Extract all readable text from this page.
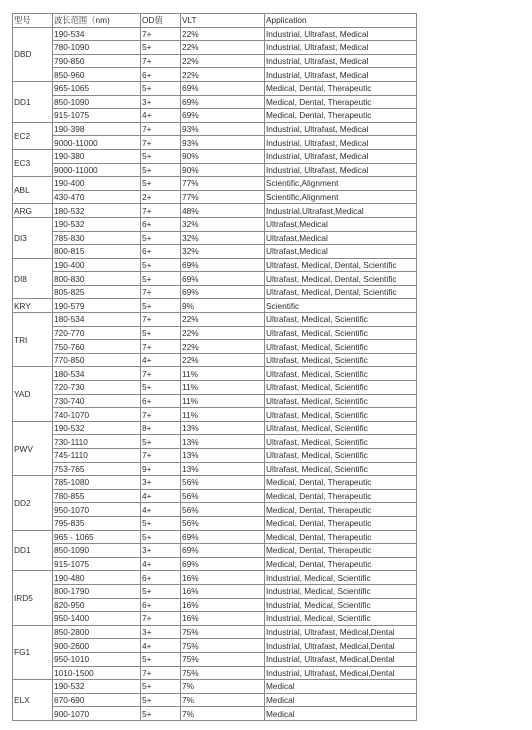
型号	波长范围（nm)	OD值	VLT	Application
DBD	190-534	7+	22%	Industrial, Ultrafast, Medical
	780-1090	5+	22%	Industrial, Ultrafast, Medical
	790-850	7+	22%	Industrial, Ultrafast, Medical
	850-960	6+	22%	Industrial, Ultrafast, Medical
DD1	965-1065	5+	69%	Medical, Dental, Therapeutic
	850-1090	3+	69%	Medical, Dental, Therapeutic
	915-1075	4+	69%	Medical, Dental, Therapeutic
EC2	190-398	7+	93%	Industrial, Ultrafast, Medical
	9000-11000	7+	93%	Industrial, Ultrafast, Medical
EC3	190-380	5+	90%	Industrial, Ultrafast, Medical
	9000-11000	5+	90%	Industrial, Ultrafast, Medical
ABL	190-400	5+	77%	Scientific,Alignment
	430-470	2+	77%	Scientific,Alignment
ARG	180-532	7+	48%	Industrial,Ultrafast,Medical
DI3	190-532	6+	32%	Ultrafast,Medical
	785-830	5+	32%	Ultrafast,Medical
	800-815	6+	32%	Ultrafast,Medical
DI8	190-400	5+	69%	Ultrafast, Medical, Dental, Scientific
	800-830	5+	69%	Ultrafast, Medical, Dental, Scientific
	805-825	7+	69%	Ultrafast, Medical, Dental, Scientific
KRY	190-579	5+	9%	Scientific
TRI	180-534	7+	22%	Ultrafast, Medical, Scientific
	720-770	5+	22%	Ultrafast, Medical, Scientific
	750-760	7+	22%	Ultrafast, Medical, Scientific
	770-850	4+	22%	Ultrafast, Medical, Scientific
YAD	180-534	7+	11%	Ultrafast, Medical, Scientific
	720-730	5+	11%	Ultrafast, Medical, Scientific
	730-740	6+	11%	Ultrafast, Medical, Scientific
	740-1070	7+	11%	Ultrafast, Medical, Scientific
PWV	190-532	8+	13%	Ultrafast, Medical, Scientific
	730-1110	5+	13%	Ultrafast, Medical, Scientific
	745-1110	7+	13%	Ultrafast, Medical, Scientific
	753-765	9+	13%	Ultrafast, Medical, Scientific
DD2	785-1080	3+	56%	Medical, Dental, Therapeutic
	780-855	4+	56%	Medical, Dental, Therapeutic
	950-1070	4+	56%	Medical, Dental, Therapeutic
	795-835	5+	56%	Medical, Dental, Therapeutic
DD1	965 - 1065	5+	69%	Medical, Dental, Therapeutic
	850-1090	3+	69%	Medical, Dental, Therapeutic
	915-1075	4+	69%	Medical, Dental, Therapeutic
IRD5	190-480	6+	16%	Industrial, Medical, Scientific
	800-1790	5+	16%	Industrial, Medical, Scientific
	820-950	6+	16%	Industrial, Medical, Scientific
	950-1400	7+	16%	Industrial, Medical, Scientific
FG1	850-2800	3+	75%	Industrial, Ultrafast, Medical,Dental
	900-2600	4+	75%	Industrial, Ultrafast, Medical,Dental
	950-1010	5+	75%	Industrial, Ultrafast, Medical,Dental
	1010-1500	7+	75%	Industrial, Ultrafast, Medical,Dental
ELX	190-532	5+	7%	Medical
	670-690	5+	7%	Medical
	900-1070	5+	7%	Medical
